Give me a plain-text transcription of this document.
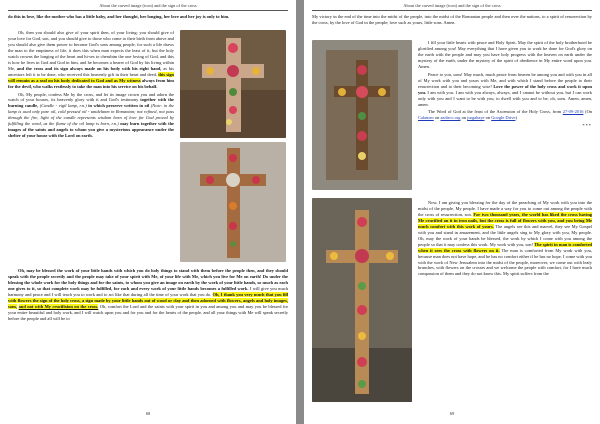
About the carved image (icon) and the sign of the cross

do this in love, like the mother who has a little baby, and her thought, her longing, her love and her joy is only to him.

Oh, then you should also give of your spirit then, of your living; you should give of your love for God, son, and you should give to those who come to their birth from above and you should also give them power to become God's sons among people, for such a life draws the man to the emptiness of life, it does this when man expects the least of it, but the holy watch crowns the longing of the heart and hi-ses to cherubim the one loving of God, and this is how he lives in God and God in him, and he becomes a bearer of God by his living within Me, and the cross and its sign always made on his body with his right hand, as his ancestors left it to be done, who received this heavenly gift in their heart and deed, this sign will remain as a seal on his body dedicated to God and as My witness always from him for the devil, who walks restlessly to take the man into his service on his behalf.

Oh, My people, confess Me by the cross, and let its image crown you and adorn the watch of your houses, its heavenly glory with it and God's testimony together with the burning candle, (Candle - vigil lamp, r.n.) in which preserve written in oil (Note: in the lamp is used only pure oil, cold pressed oil - untdelanm in Romanian; not refined, not pass through the fire, light of the candle represents wisdom born of love for God proved by fulfilling the word, as the flame of the oil lamp is born, r.n.) may burn together with the images of the saints and angels to whom you give a mysterious appearance under the shelter of your house with the Lord on earth.

Oh, may be blessed the work of your little hands with which you do holy things to stand with them before the people then, and they should speak with the people secretly and the people may take of your spirit with Me, of your life with Me, which you live for Me on earth! Do under the blessing the whole work for the holy things and for the saints, to whom you give an image on earth by the work of your little hands, so much as each one gives to it, so that complete work may be fulfilled, for each and every work of your little hands becomes a fulfilled work. I will give you much harmony and peace and I will teach you to work and to act like that during all the time of your work that you do. Oh, I thank you very much that you fill with flowers the sign of the holy cross, a sign made by your little hands out of wood or clay and then adorned with flowers, angels and holy images, sons, and not with My crucifixion on the cross. Oh, comfort the Lord and the saints with your spirit in you and among you and may you be blessed for your entire beautiful and holy work, and I will watch upon you and for you and for the hearts of the people, and all your things with Me will speak secretly before the people and all will be to

68
About the carved image (icon) and the sign of the cross

My victory in the end of the time into the midst of the people, into the midst of the Romanian people and then over the nations, to a spirit of resurrection by the cross, by the love of God in the people; love such as yours, little sons. Amen.

I fill your little hearts with peace and Holy Spirit. May the spirit of the holy brotherhood be glorified among you! May everything that I have given you to work be done for God's glory on the earth with the people and may you have holy progress with the heaven on earth under the mystery of the earth, under the mystery of the spirit of obedience in My entire word upon you. Amen.

Peace to you, sons! May much, much peace from heaven be among you and with you in all of My work with you and yours with Me, and with which I stand before the people to their resurrection and to their becoming wise! Love the power of the holy cross and work it upon you. I am with you. I am with you always, always, and I cannot be without you, but I can work only with you and I want to be with you, to dwell with you and to be, oh, sons. Amen, amen, amen.

The Word of God at the feast of the Ascension of the Holy Cross, from 27-09-2016 (On Calameo on azdirco.org on jurgahaye on Google Drive)

***

Now, I am giving you blessing for the day of the preaching of My work with you into the midst of the people, My people. I have made a way for you to come out among the people with the cross of resurrection, son. For two thousand years, the world has liked the cross having Me crucified on it in iron nails, but the cross is full of flowers with you, and you bring Me much comfort with this work of yours. The angels see this and marvel, they see My Gospel with you and stand in amazement, and the little angels sing to My glory with you, My people. Oh, may the work of your hands be blessed, the work by which I come with you among the people so that it may confess this work. My work with you, son! The spirit in man is comforted when it sees the cross with flowers on it. The man is comforted from My work with you, because man does not have hope, and he has no comfort either if he has no hope. I come with you with the work of New Jerusalem into the midst of the people, moreover, we come out with leafy branches, with flowers on the crosses and we welcome the people with comfort, for I have much compassion of them and they do not know this. My spirit suffers from the

69
